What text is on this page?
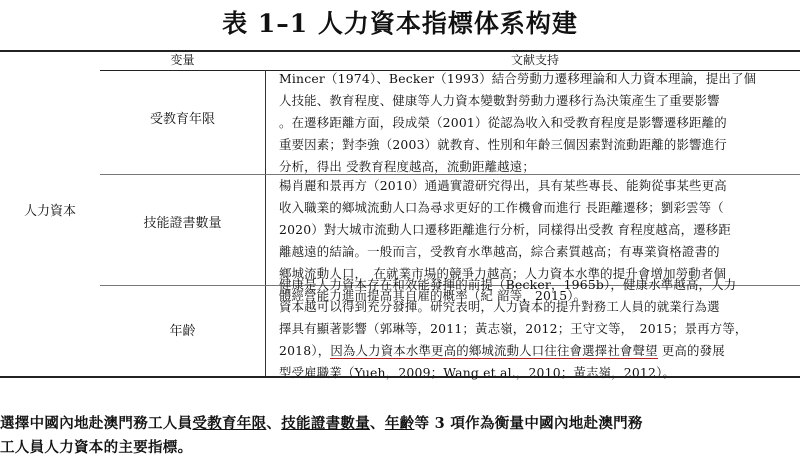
表 1–1 人力資本指標体系构建
变量	文献支持
人力資本
受教育年限
Mincer（1974）、Becker（1993）結合勞動力遷移理論和人力資本理論，提出了個
人技能、教育程度、健康等人力資本變數對勞動力遷移行為決策產生了重要影響
。在遷移距離方面，段成榮（2001）從認為收入和受教育程度是影響遷移距離的
重要因素；對李強（2003）就教育、性別和年齡三個因素對流動距離的影響進行
分析，得出 受教育程度越高，流動距離越遠；
技能證書數量
楊肖麗和景再方（2010）通過實證研究得出，具有某些專長、能夠從事某些更高
收入職業的鄉城流動人口為尋求更好的工作機會而進行 長距離遷移；劉彩雲等（
2020）對大城市流動人口遷移距離進行分析，同樣得出受教 育程度越高，遷移距
離越遠的結論。一般而言，受教育水準越高，綜合素質越高；有專業資格證書的
鄉城流動人口，　在就業市場的競爭力越高；人力資本水準的提升會增加勞動者個
體經營能力進而提高其自雇的概率（紀 韶等，2015）。
年齡
健康是人力資本存在和效能發揮的前提（Becker，1965b），健康水準越高，人力
資本越可以得到充分發揮。研究表明，人力資本的提升對務工人員的就業行為選
擇具有顯著影響（郭琳等，2011；黃志嶺，2012；王守文等，　2015；景再方等，
2018），因為人力資本水準更高的鄉城流動人口往往會選擇社會聲望 更高的發展
型受雇職業（Yueh，2009；Wang et al.，2010；黃志嶺，2012）。
選擇中國內地赴澳門務工人員受教育年限、技能證書數量、年齡等 3 項作為衡量中國內地赴澳門務
工人員人力資本的主要指標。
